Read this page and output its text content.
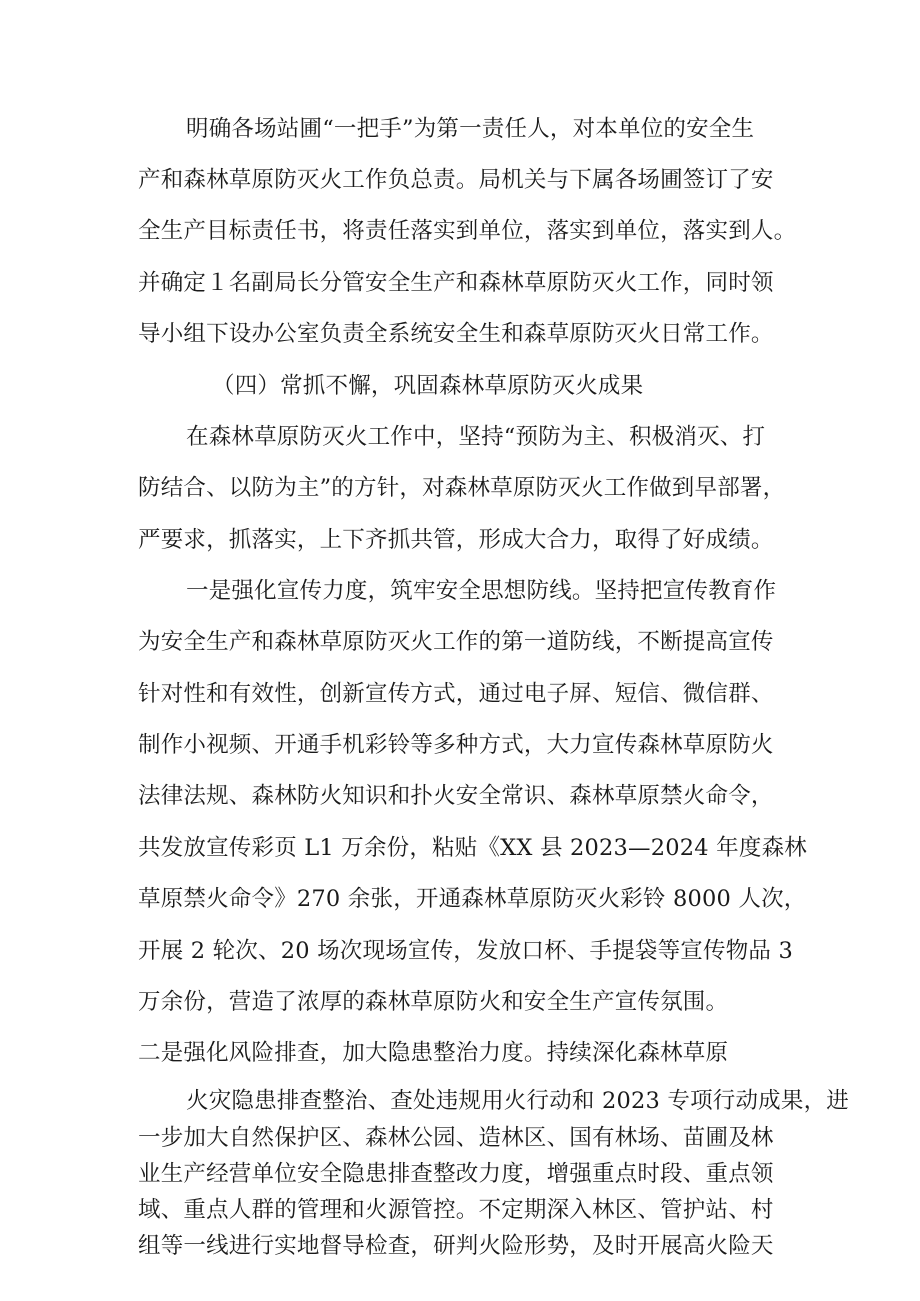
明确各场站圃“一把手”为第一责任人，对本单位的安全生

产和森林草原防灭火工作负总责。局机关与下属各场圃签订了安

全生产目标责任书，将责任落实到单位，落实到单位，落实到人。

并确定１名副局长分管安全生产和森林草原防灭火工作，同时领

导小组下设办公室负责全系统安全生和森草原防灭火日常工作。

（四）常抓不懈，巩固森林草原防灭火成果

在森林草原防灭火工作中，坚持“预防为主、积极消灭、打

防结合、以防为主”的方针，对森林草原防灭火工作做到早部署，

严要求，抓落实，上下齐抓共管，形成大合力，取得了好成绩。

一是强化宣传力度，筑牢安全思想防线。坚持把宣传教育作

为安全生产和森林草原防灭火工作的第一道防线，不断提高宣传

针对性和有效性，创新宣传方式，通过电子屏、短信、微信群、

制作小视频、开通手机彩铃等多种方式，大力宣传森林草原防火

法律法规、森林防火知识和扑火安全常识、森林草原禁火命令，

共发放宣传彩页 L1 万余份，粘贴《XX 县 2023—2024 年度森林

草原禁火命令》270 余张，开通森林草原防灭火彩铃 8000 人次，

开展 2 轮次、20 场次现场宣传，发放口杯、手提袋等宣传物品 3

万余份，营造了浓厚的森林草原防火和安全生产宣传氛围。

二是强化风险排查，加大隐患整治力度。持续深化森林草原

火灾隐患排查整治、查处违规用火行动和 2023 专项行动成果，进

一步加大自然保护区、森林公园、造林区、国有林场、苗圃及林

业生产经营单位安全隐患排查整改力度，增强重点时段、重点领

域、重点人群的管理和火源管控。不定期深入林区、管护站、村

组等一线进行实地督导检查，研判火险形势，及时开展高火险天
